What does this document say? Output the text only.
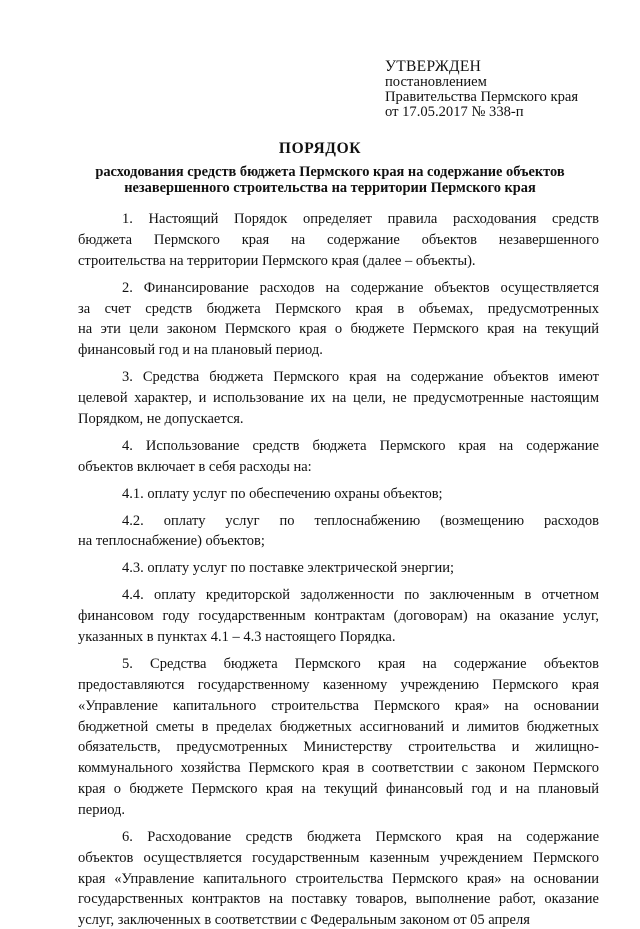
УТВЕРЖДЕН
постановлением
Правительства Пермского края
от 17.05.2017 № 338-п
ПОРЯДОК
расходования средств бюджета Пермского края на содержание объектов
незавершенного строительства на территории Пермского края
1. Настоящий Порядок определяет правила расходования средств
бюджета Пермского края на содержание объектов незавершенного
строительства на территории Пермского края (далее – объекты).
2. Финансирование расходов на содержание объектов осуществляется
за счет средств бюджета Пермского края в объемах, предусмотренных
на эти цели законом Пермского края о бюджете Пермского края на текущий
финансовый год и на плановый период.
3. Средства бюджета Пермского края на содержание объектов имеют
целевой характер, и использование их на цели, не предусмотренные настоящим
Порядком, не допускается.
4. Использование средств бюджета Пермского края на содержание
объектов включает в себя расходы на:
4.1. оплату услуг по обеспечению охраны объектов;
4.2. оплату услуг по теплоснабжению (возмещению расходов
на теплоснабжение) объектов;
4.3. оплату услуг по поставке электрической энергии;
4.4. оплату кредиторской задолженности по заключенным в отчетном
финансовом году государственным контрактам (договорам) на оказание услуг,
указанных в пунктах 4.1 – 4.3 настоящего Порядка.
5. Средства бюджета Пермского края на содержание объектов
предоставляются государственному казенному учреждению Пермского края
«Управление капитального строительства Пермского края» на основании
бюджетной сметы в пределах бюджетных ассигнований и лимитов бюджетных
обязательств, предусмотренных Министерству строительства и жилищно-
коммунального хозяйства Пермского края в соответствии с законом Пермского
края о бюджете Пермского края на текущий финансовый год и на плановый
период.
6. Расходование средств бюджета Пермского края на содержание
объектов осуществляется государственным казенным учреждением Пермского
края «Управление капитального строительства Пермского края» на основании
государственных контрактов на поставку товаров, выполнение работ, оказание
услуг, заключенных в соответствии с Федеральным законом от 05 апреля
